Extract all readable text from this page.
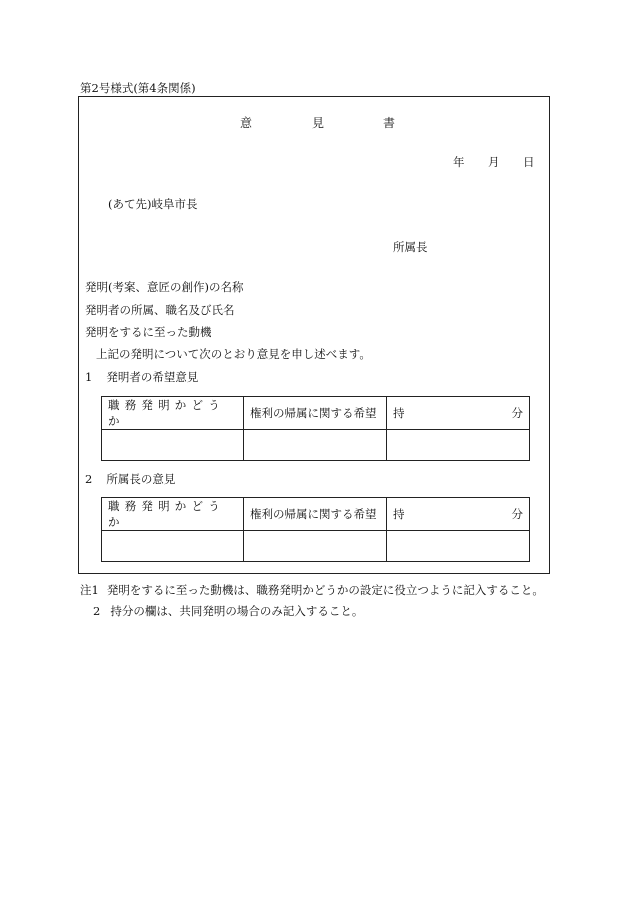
第2号様式(第4条関係)
意	見	書
年 月 日
(あて先)岐阜市長
所属長
発明(考案、意匠の創作)の名称
発明者の所属、職名及び氏名
発明をするに至った動機
上記の発明について次のとおり意見を申し述べます。
1 発明者の希望意見
職務発明かどうか	権利の帰属に関する希望	持 分

2 所属長の意見
職務発明かどうか	権利の帰属に関する希望	持 分

注1 発明をするに至った動機は、職務発明かどうかの設定に役立つように記入すること。
2 持分の欄は、共同発明の場合のみ記入すること。
